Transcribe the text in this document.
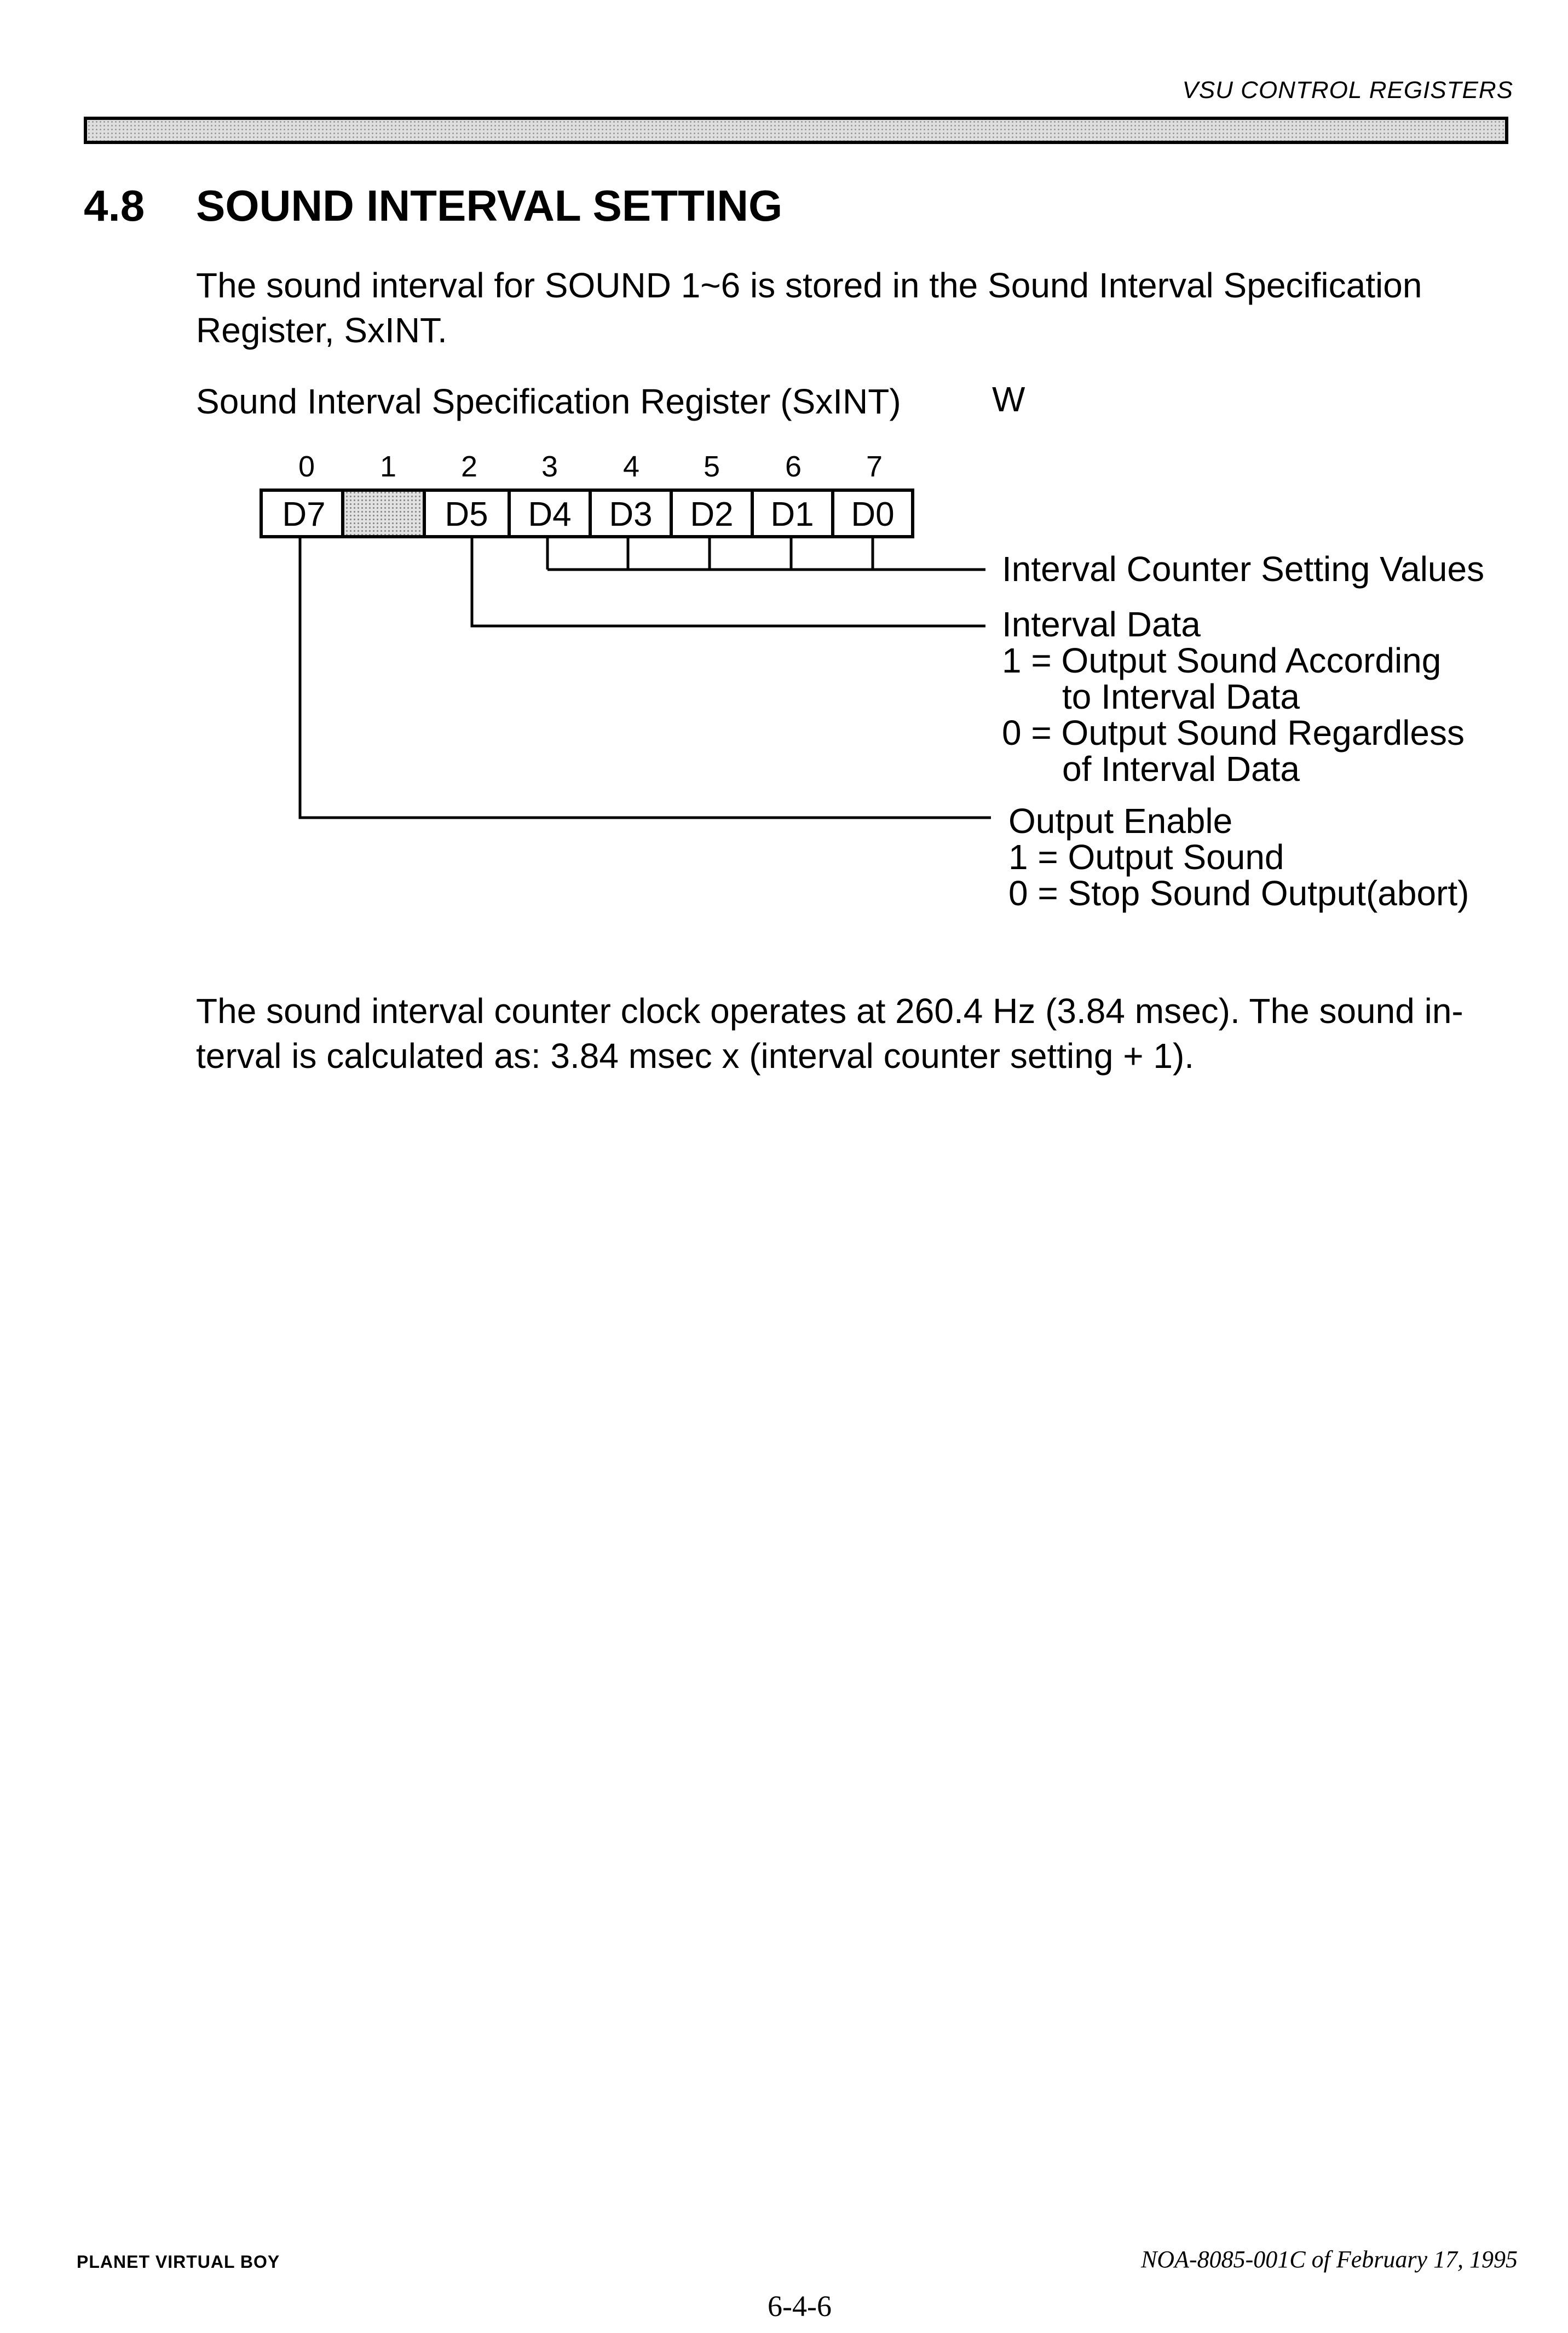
VSU CONTROL REGISTERS
4.8 SOUND INTERVAL SETTING
The sound interval for SOUND 1~6 is stored in the Sound Interval Specification
Register, SxINT.
Sound Interval Specification Register (SxINT)	W
0 1 2 3 4 5 6 7
D7	D5 D4 D3 D2 D1 D0
Interval Counter Setting Values
Interval Data
1 = Output Sound According
to Interval Data
0 = Output Sound Regardless
of Interval Data
Output Enable
1 = Output Sound
0 = Stop Sound Output(abort)
The sound interval counter clock operates at 260.4 Hz (3.84 msec). The sound in-
terval is calculated as: 3.84 msec x (interval counter setting + 1).
PLANET VIRTUAL BOY	NOA-8085-001C of February 17, 1995
6-4-6
